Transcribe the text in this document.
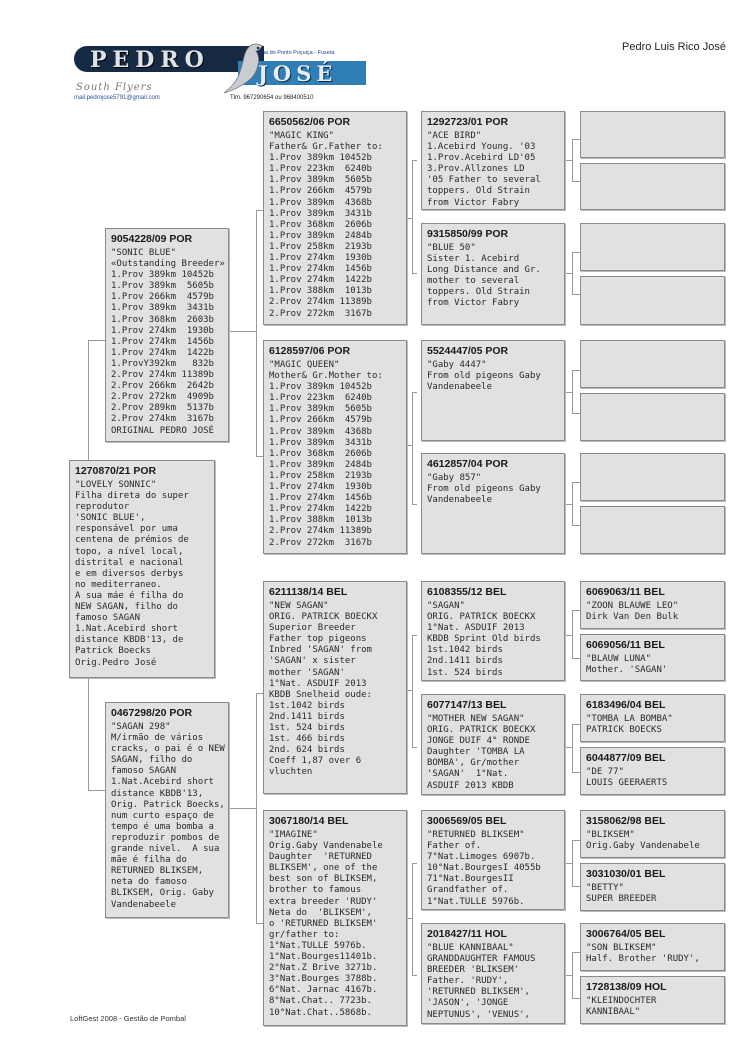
PEDRO
JOSÉ
Rua do Ponto Poçuiça - Fuseta
South Flyers
mail.pedrojose5791@gmail.com	Tlm. 967290654 ou 968400510
Pedro Luis Rico José
1270870/21 POR
"LOVELY SONNIC"
Filha direta do super
reprodutor
'SONIC BLUE',
responsável por uma
centena de prémios de
topo, a nível local,
distrital e nacional
e em diversos derbys
no mediterraneo.
A sua máe é filha do
NEW SAGAN, filho do
famoso SAGAN
1.Nat.Acebird short
distance KBDB'13, de
Patrick Boecks
Orig.Pedro José
9054228/09 POR
"SONIC BLUE"
«Outstanding Breeder»
1.Prov 389km 10452b
1.Prov 389km  5605b
1.Prov 266km  4579b
1.Prov 389km  3431b
1.Prov 368km  2603b
1.Prov 274km  1930b
1.Prov 274km  1456b
1.Prov 274km  1422b
1.ProvY392km   832b
2.Prov 274km 11389b
2.Prov 266km  2642b
2.Prov 272km  4909b
2.Prov 289km  5137b
2.Prov 274km  3167b
ORIGINAL PEDRO JOSÉ
0467298/20 POR
"SAGAN 298"
M/irmão de vários
cracks, o pai é o NEW
SAGAN, filho do
famoso SAGAN
1.Nat.Acebird short
distance KBDB'13,
Orig. Patrick Boecks,
num curto espaço de
tempo é uma bomba a
reproduzir pombos de
grande nivel.  A sua
mãe é filha do
RETURNED BLIKSEM,
neta do famoso
BLIKSEM, Orig. Gaby
Vandenabeele
6650562/06 POR
"MAGIC KING"
Father& Gr.Father to:
1.Prov 389km 10452b
1.Prov 223km  6240b
1.Prov 389km  5605b
1.Prov 266km  4579b
1.Prov 389km  4368b
1.Prov 389km  3431b
1.Prov 368km  2606b
1.Prov 389km  2484b
1.Prov 258km  2193b
1.Prov 274km  1930b
1.Prov 274km  1456b
1.Prov 274km  1422b
1.Prov 388km  1013b
2.Prov 274km 11389b
2.Prov 272km  3167b
6128597/06 POR
"MAGIC QUEEN"
Mother& Gr.Mother to:
1.Prov 389km 10452b
1.Prov 223km  6240b
1.Prov 389km  5605b
1.Prov 266km  4579b
1.Prov 389km  4368b
1.Prov 389km  3431b
1.Prov 368km  2606b
1.Prov 389km  2484b
1.Prov 258km  2193b
1.Prov 274km  1930b
1.Prov 274km  1456b
1.Prov 274km  1422b
1.Prov 388km  1013b
2.Prov 274km 11389b
2.Prov 272km  3167b
6211138/14 BEL
"NEW SAGAN"
ORIG. PATRICK BOECKX
Superior Breeder
Father top pigeons
Inbred 'SAGAN' from
'SAGAN' x sister
mother 'SAGAN'
1°Nat. ASDUIF 2013
KBDB Snelheid oude:
1st.1042 birds
2nd.1411 birds
1st. 524 birds
1st. 466 birds
2nd. 624 birds
Coeff 1,87 over 6
vluchten
3067180/14 BEL
"IMAGINE"
Orig.Gaby Vandenabele
Daughter  'RETURNED
BLIKSEM', one of the
best son of BLIKSEM,
brother to famous
extra breeder 'RUDY'
Neta do  'BLIKSEM',
o 'RETURNED BLIKSEM'
gr/father to:
1°Nat.TULLE 5976b.
1°Nat.Bourges11401b.
2°Nat.Z Brive 3271b.
3°Nat.Bourges 3788b.
6°Nat. Jarnac 4167b.
8°Nat.Chat.. 7723b.
10°Nat.Chat..5868b.
1292723/01 POR
"ACE BIRD"
1.Acebird Young. '03
1.Prov.Acebird LD'05
3.Prov.Allzones LD
'05 Father to several
toppers. Old Strain
from Victor Fabry
9315850/99 POR
"BLUE 50"
Sister 1. Acebird
Long Distance and Gr.
mother to several
toppers. Old Strain
from Victor Fabry
5524447/05 POR
"Gaby 4447"
From old pigeons Gaby
Vandenabeele
4612857/04 POR
"Gaby 857"
From old pigeons Gaby
Vandenabeele
6108355/12 BEL
"SAGAN"
ORIG. PATRICK BOECKX
1°Nat. ASDUIF 2013
KBDB Sprint Old birds
1st.1042 birds
2nd.1411 birds
1st. 524 birds
6077147/13 BEL
"MOTHER NEW SAGAN"
ORIG. PATRICK BOECKX
JONGE DUIF 4° RONDE
Daughter 'TOMBA LA
BOMBA', Gr/mother
'SAGAN'  1°Nat.
ASDUIF 2013 KBDB
3006569/05 BEL
"RETURNED BLIKSEM"
Father of.
7°Nat.Limoges 6907b.
10°Nat.BourgesI 4055b
71°Nat.BourgesII
Grandfather of.
1°Nat.TULLE 5976b.
2018427/11 HOL
"BLUE KANNIBAAL"
GRANDDAUGHTER FAMOUS
BREEDER 'BLIKSEM'
Father. 'RUDY',
'RETURNED BLIKSEM',
'JASON', 'JONGE
NEPTUNUS', 'VENUS',
6069063/11 BEL
"ZOON BLAUWE LEO"
Dirk Van Den Bulk
6069056/11 BEL
"BLAUW LUNA"
Mother. 'SAGAN'
6183496/04 BEL
"TOMBA LA BOMBA"
PATRICK BOECKS
6044877/09 BEL
"DE 77"
LOUIS GEERAERTS
3158062/98 BEL
"BLIKSEM"
Orig.Gaby Vandenabele
3031030/01 BEL
"BETTY"
SUPER BREEDER
3006764/05 BEL
"SON BLIKSEM"
Half. Brother 'RUDY',
1728138/09 HOL
"KLEINDOCHTER
KANNIBAAL"
LoftGest 2008 - Gestão de Pombal
